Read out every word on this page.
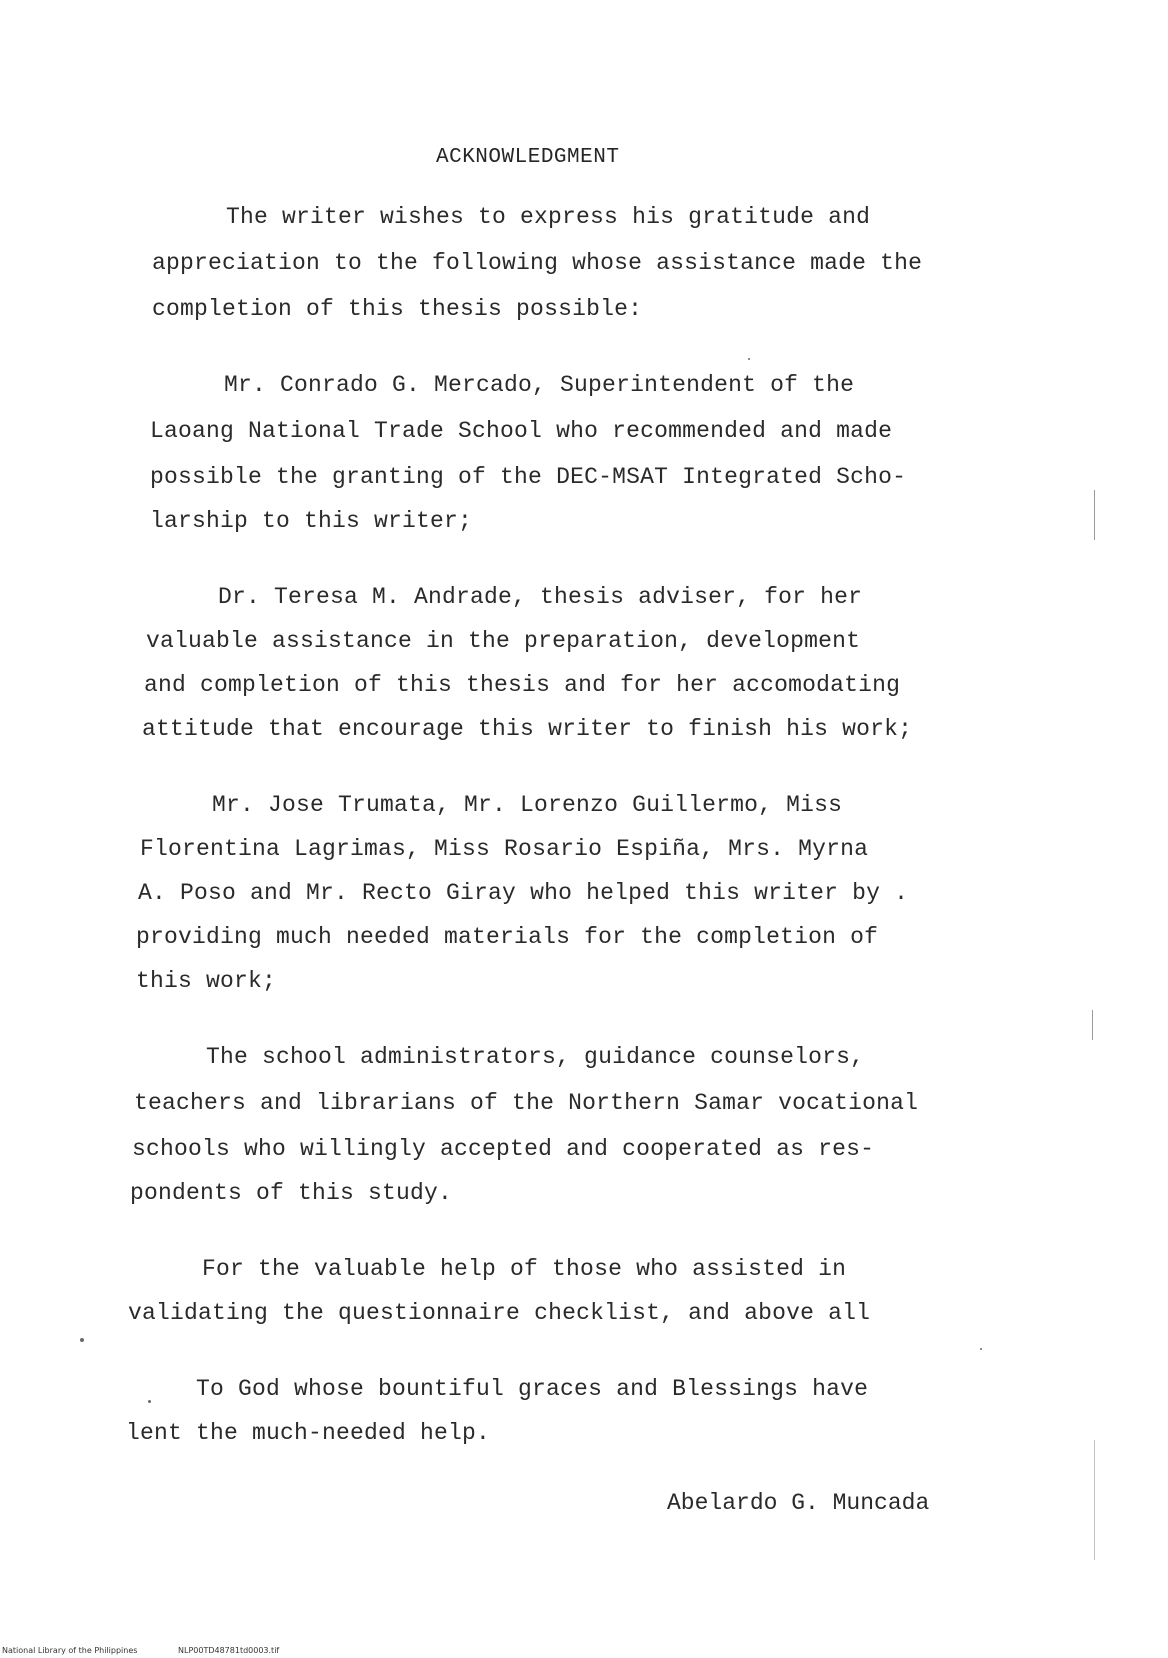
ACKNOWLEDGMENT
The writer wishes to express his gratitude and
appreciation to the following whose assistance made the
completion of this thesis possible:
Mr. Conrado G. Mercado, Superintendent of the
Laoang National Trade School who recommended and made
possible the granting of the DEC-MSAT Integrated Scho-
larship to this writer;
Dr. Teresa M. Andrade, thesis adviser, for her
valuable assistance in the preparation, development
and completion of this thesis and for her accomodating
attitude that encourage this writer to finish his work;
Mr. Jose Trumata, Mr. Lorenzo Guillermo, Miss
Florentina Lagrimas, Miss Rosario Espiña, Mrs. Myrna
A. Poso and Mr. Recto Giray who helped this writer by .
providing much needed materials for the completion of
this work;
The school administrators, guidance counselors,
teachers and librarians of the Northern Samar vocational
schools who willingly accepted and cooperated as res-
pondents of this study.
For the valuable help of those who assisted in
validating the questionnaire checklist, and above all
To God whose bountiful graces and Blessings have
lent the much-needed help.
Abelardo G. Muncada
National Library of the Philippines	NLP00TD48781td0003.tif
